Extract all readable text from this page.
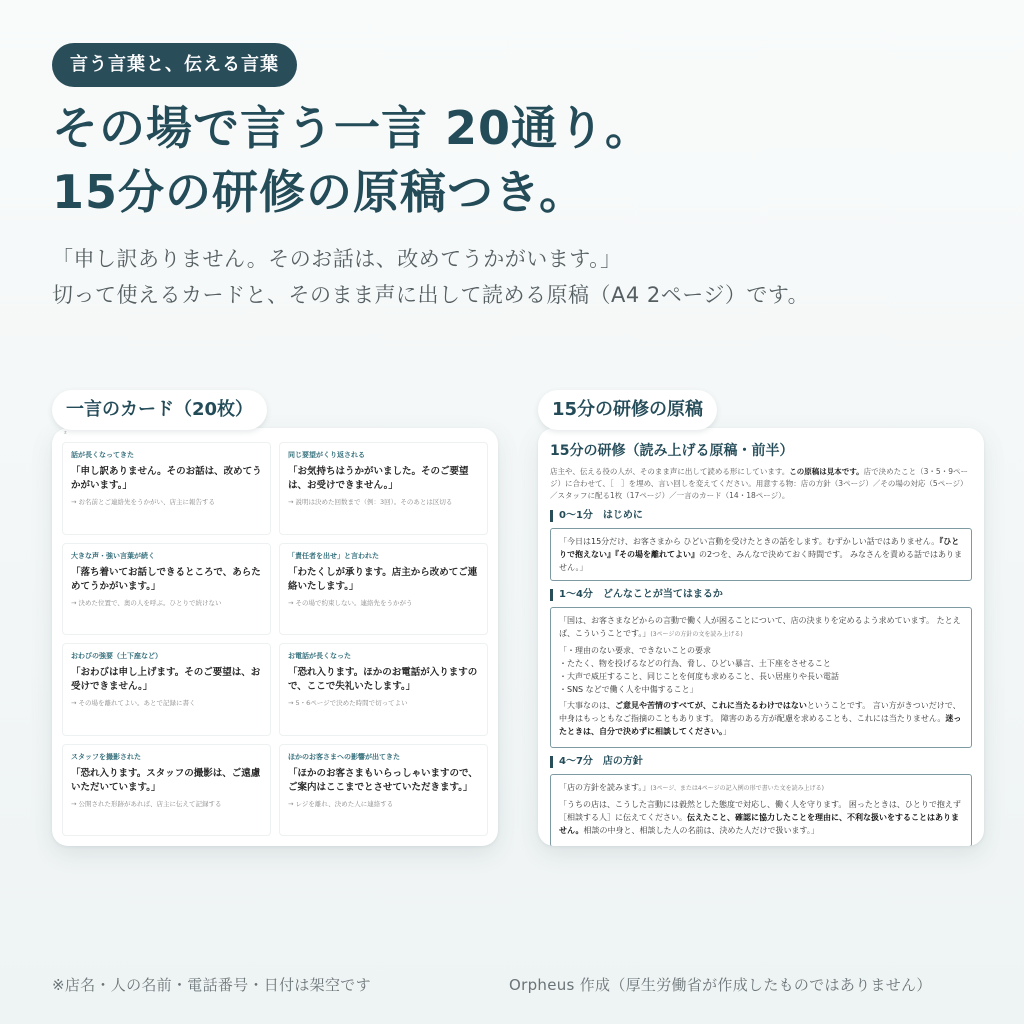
言う言葉と、伝える言葉
その場で言う一言 20通り。
15分の研修の原稿つき。
「申し訳ありません。そのお話は、改めてうかがいます。」
切って使えるカードと、そのまま声に出して読める原稿（A4 2ページ）です。
一言のカード（20枚）
²
話が長くなってきた
「申し訳ありません。そのお話は、改めてうかがいます。」
→ お名前とご連絡先をうかがい、店主に報告する
同じ要望がくり返される
「お気持ちはうかがいました。そのご要望は、お受けできません。」
→ 説明は決めた回数まで（例：3回）。そのあとは区切る
大きな声・強い言葉が続く
「落ち着いてお話しできるところで、あらためてうかがいます。」
→ 決めた位置で、奥の人を呼ぶ。ひとりで続けない
「責任者を出せ」と言われた
「わたくしが承ります。店主から改めてご連絡いたします。」
→ その場で約束しない。連絡先をうかがう
おわびの強要（土下座など）
「おわびは申し上げます。そのご要望は、お受けできません。」
→ その場を離れてよい。あとで記録に書く
お電話が長くなった
「恐れ入ります。ほかのお電話が入りますので、ここで失礼いたします。」
→ 5・6ページで決めた時間で切ってよい
スタッフを撮影された
「恐れ入ります。スタッフの撮影は、ご遠慮いただいています。」
→ 公開された形跡があれば、店主に伝えて記録する
ほかのお客さまへの影響が出てきた
「ほかのお客さまもいらっしゃいますので、ご案内はここまでとさせていただきます。」
→ レジを離れ、決めた人に連絡する
15分の研修の原稿
15分の研修（読み上げる原稿・前半）
店主や、伝える役の人が、そのまま声に出して読める形にしています。この原稿は見本です。店で決めたこと（3・5・9ページ）に合わせて、［　］を埋め、言い回しを変えてください。用意する物：店の方針（3ページ）／その場の対応（5ページ）／スタッフに配る1枚（17ページ）／一言のカード（14・18ページ）。
0〜1分　はじめに
「今日は15分だけ、お客さまから ひどい言動を受けたときの話をします。むずかしい話ではありません。『ひとりで抱えない』『その場を離れてよい』の2つを、みんなで決めておく時間です。 みなさんを責める話ではありません。」
1〜4分　どんなことが当てはまるか

「国は、お客さまなどからの言動で働く人が困ることについて、店の決まりを定めるよう求めています。 たとえば、こういうことです。」(3ページの方針の文を読み上げる)

「・理由のない要求、できないことの要求
・たたく、物を投げるなどの行為、脅し、ひどい暴言、土下座をさせること
・大声で威圧すること、同じことを何度も求めること、長い居座りや長い電話
・SNS などで働く人を中傷すること」

「大事なのは、ご意見や苦情のすべてが、これに当たるわけではないということです。 言い方がきついだけで、中身はもっともなご指摘のこともあります。 障害のある方が配慮を求めることも、これには当たりません。迷ったときは、自分で決めずに相談してください。」

4〜7分　店の方針

「店の方針を読みます。」(3ページ、または4ページの記入例の形で書いた文を読み上げる)

「うちの店は、こうした言動には毅然とした態度で対応し、働く人を守ります。 困ったときは、ひとりで抱えず［相談する人］に伝えてください。伝えたこと、確認に協力したことを理由に、不利な扱いをすることはありません。相談の中身と、相談した人の名前は、決めた人だけで扱います。」

※店名・人の名前・電話番号・日付は架空です	Orpheus 作成（厚生労働省が作成したものではありません）
